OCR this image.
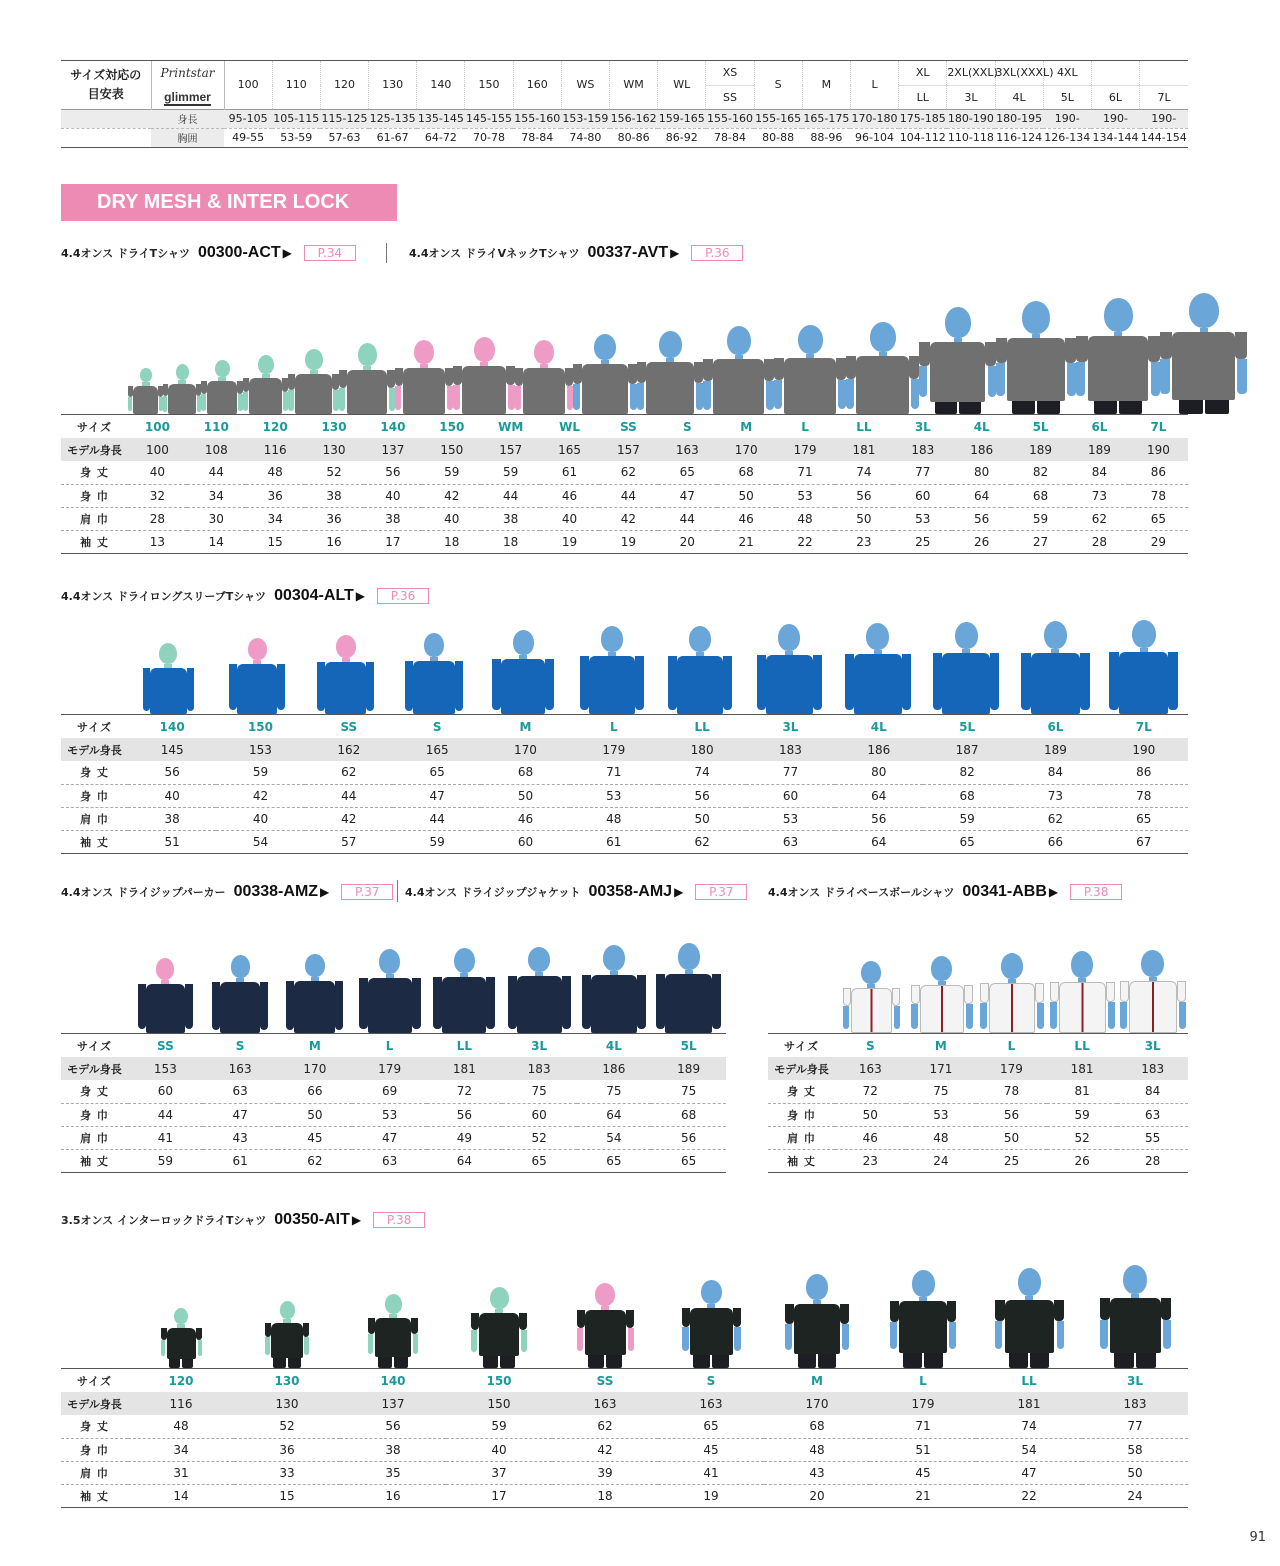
サイズ対応の
目安表	Printstar	100	110	120	130	140	150	160	WS	WM	WL	XS	S	M	L	XL	2XL(XXL)	3XL(XXXL)	4XL		
	glimmer											SS				LL	3L	4L	5L	6L	7L
	身長	95-105	105-115	115-125	125-135	135-145	145-155	155-160	153-159	156-162	159-165	155-160	155-165	165-175	170-180	175-185	180-190	180-195	190-	190-	190-
	胸囲	49-55	53-59	57-63	61-67	64-72	70-78	78-84	74-80	80-86	86-92	78-84	80-88	88-96	96-104	104-112	110-118	116-124	126-134	134-144	144-154
DRY MESH & INTER LOCK
4.4オンス ドライTシャツ 00300-ACT ▶	P.34	4.4オンス ドライVネックTシャツ 00337-AVT ▶	P.36
サイズ	100	110	120	130	140	150	WM	WL	SS	S	M	L	LL	3L	4L	5L	6L	7L
モデル身長	100	108	116	130	137	150	157	165	157	163	170	179	181	183	186	189	189	190
身 丈	40	44	48	52	56	59	59	61	62	65	68	71	74	77	80	82	84	86
身 巾	32	34	36	38	40	42	44	46	44	47	50	53	56	60	64	68	73	78
肩 巾	28	30	34	36	38	40	38	40	42	44	46	48	50	53	56	59	62	65
袖 丈	13	14	15	16	17	18	18	19	19	20	21	22	23	25	26	27	28	29
4.4オンス ドライロングスリーブTシャツ 00304-ALT ▶	P.36
サイズ	140	150	SS	S	M	L	LL	3L	4L	5L	6L	7L
モデル身長	145	153	162	165	170	179	180	183	186	187	189	190
身 丈	56	59	62	65	68	71	74	77	80	82	84	86
身 巾	40	42	44	47	50	53	56	60	64	68	73	78
肩 巾	38	40	42	44	46	48	50	53	56	59	62	65
袖 丈	51	54	57	59	60	61	62	63	64	65	66	67
4.4オンス ドライジップパーカー 00338-AMZ ▶	P.37	4.4オンス ドライジップジャケット 00358-AMJ ▶	P.37	4.4オンス ドライベースボールシャツ 00341-ABB ▶	P.38
サイズ	SS	S	M	L	LL	3L	4L	5L
モデル身長	153	163	170	179	181	183	186	189
身 丈	60	63	66	69	72	75	75	75
身 巾	44	47	50	53	56	60	64	68
肩 巾	41	43	45	47	49	52	54	56
袖 丈	59	61	62	63	64	65	65	65
サイズ	S	M	L	LL	3L
モデル身長	163	171	179	181	183
身 丈	72	75	78	81	84
身 巾	50	53	56	59	63
肩 巾	46	48	50	52	55
袖 丈	23	24	25	26	28
3.5オンス インターロックドライTシャツ 00350-AIT ▶	P.38
サイズ	120	130	140	150	SS	S	M	L	LL	3L
モデル身長	116	130	137	150	163	163	170	179	181	183
身 丈	48	52	56	59	62	65	68	71	74	77
身 巾	34	36	38	40	42	45	48	51	54	58
肩 巾	31	33	35	37	39	41	43	45	47	50
袖 丈	14	15	16	17	18	19	20	21	22	24
91
